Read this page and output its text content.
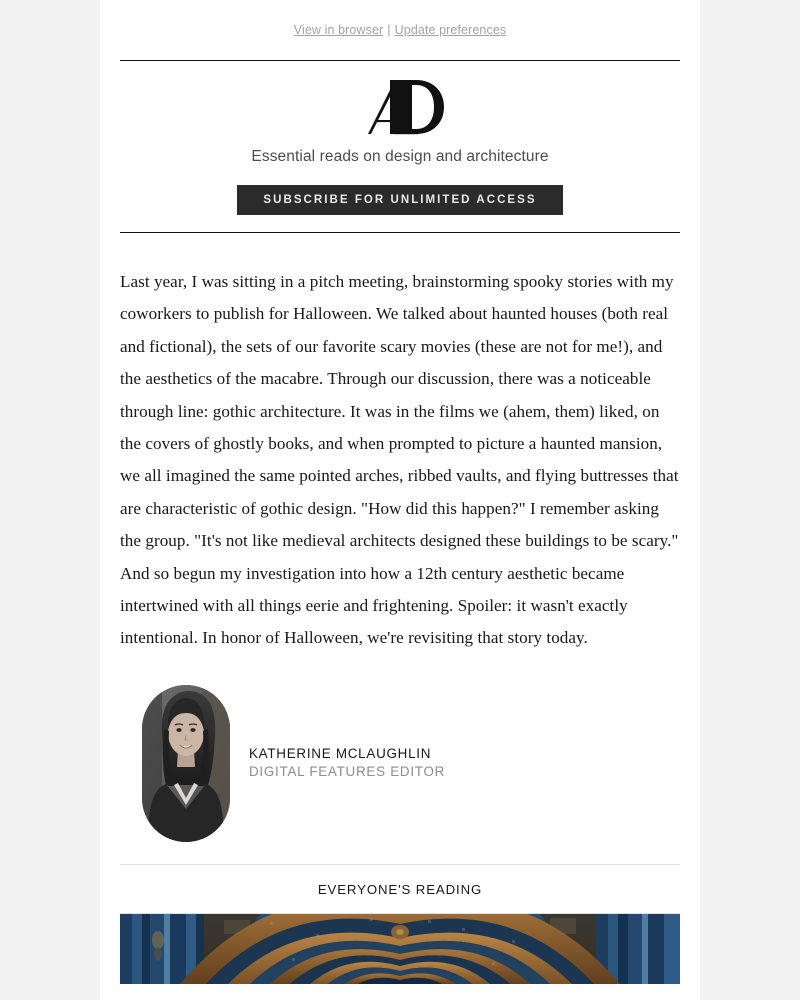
View in browser | Update preferences
Essential reads on design and architecture
SUBSCRIBE FOR UNLIMITED ACCESS

Last year, I was sitting in a pitch meeting, brainstorming spooky stories with my coworkers to publish for Halloween. We talked about haunted houses (both real and fictional), the sets of our favorite scary movies (these are not for me!), and the aesthetics of the macabre. Through our discussion, there was a noticeable through line: gothic architecture. It was in the films we (ahem, them) liked, on the covers of ghostly books, and when prompted to picture a haunted mansion, we all imagined the same pointed arches, ribbed vaults, and flying buttresses that are characteristic of gothic design. "How did this happen?" I remember asking the group. "It's not like medieval architects designed these buildings to be scary." And so begun my investigation into how a 12th century aesthetic became intertwined with all things eerie and frightening. Spoiler: it wasn't exactly intentional. In honor of Halloween, we're revisiting that story today.

KATHERINE MCLAUGHLIN
DIGITAL FEATURES EDITOR
EVERYONE'S READING
